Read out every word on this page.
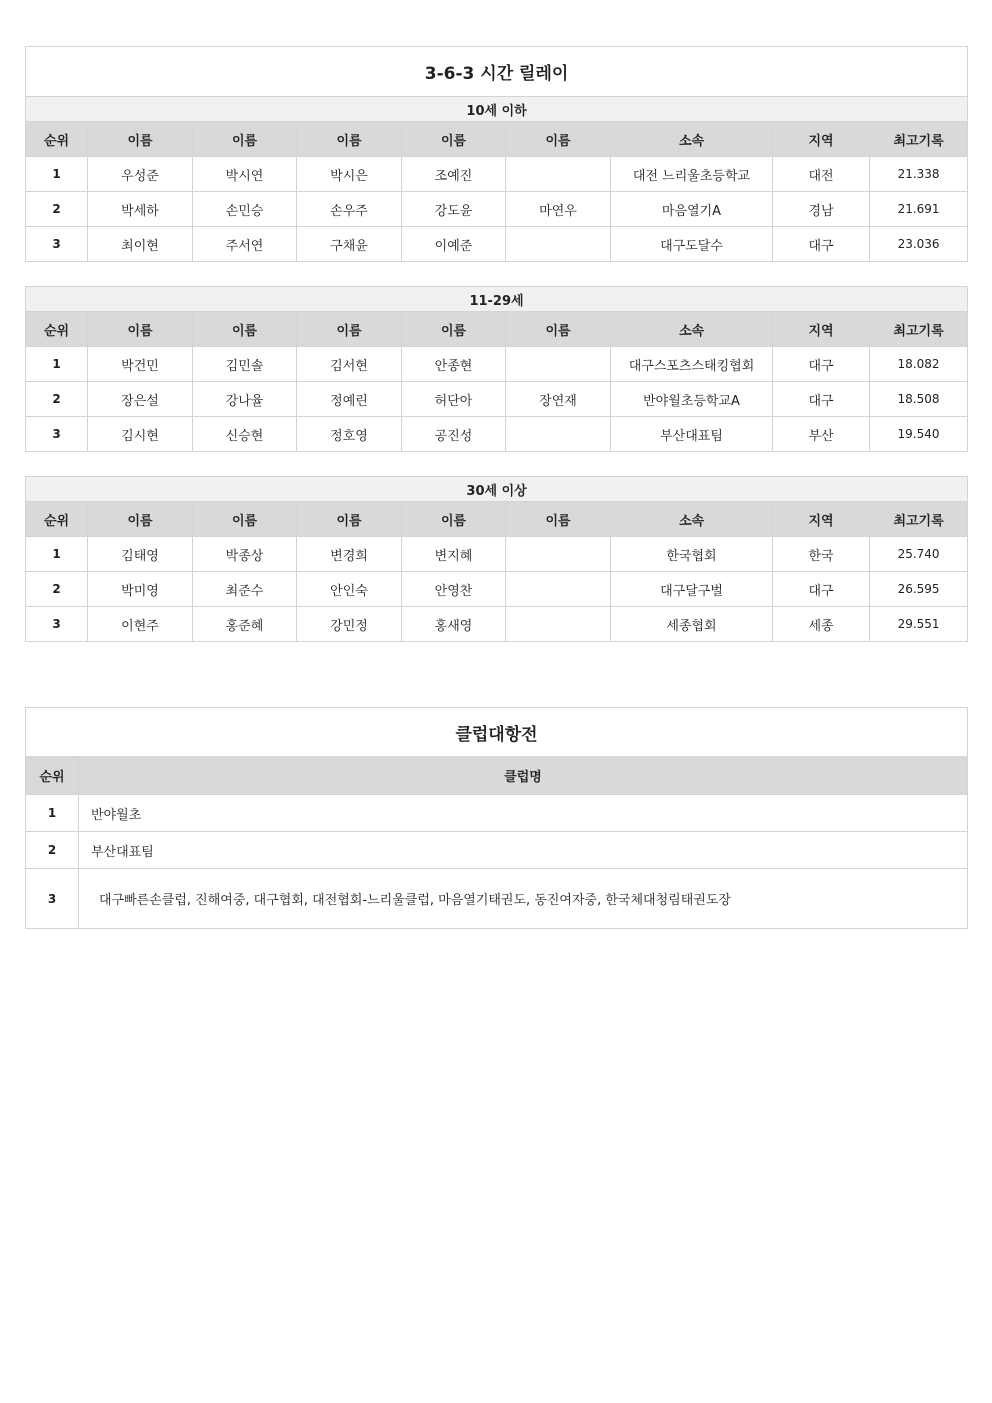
3-6-3 시간 릴레이								
10세 이하								
순위	이름	이름	이름	이름	이름	소속	지역	최고기록
1	우성준	박시연	박시은	조예진		대전 느리울초등학교	대전	21.338
2	박세하	손민승	손우주	강도윤	마연우	마음열기A	경남	21.691
3	최이현	주서연	구채윤	이예준		대구도달수	대구	23.036
11-29세								
순위	이름	이름	이름	이름	이름	소속	지역	최고기록
1	박건민	김민솔	김서현	안종현		대구스포츠스태킹협회	대구	18.082
2	장은설	강나율	정예린	허단아	장연재	반야월초등학교A	대구	18.508
3	김시현	신승현	정호영	공진성		부산대표팀	부산	19.540
30세 이상								
순위	이름	이름	이름	이름	이름	소속	지역	최고기록
1	김태영	박종상	변경희	변지혜		한국협회	한국	25.740
2	박미영	최준수	안인숙	안영찬		대구달구벌	대구	26.595
3	이현주	홍준혜	강민정	홍새영		세종협회	세종	29.551
클럽대항전	
순위	클럽명
1	반야월초
2	부산대표팀
3	대구빠른손클럽, 진해여중, 대구협회, 대전협회-느리울클럽, 마음열기태권도, 동진여자중, 한국체대청림태권도장
